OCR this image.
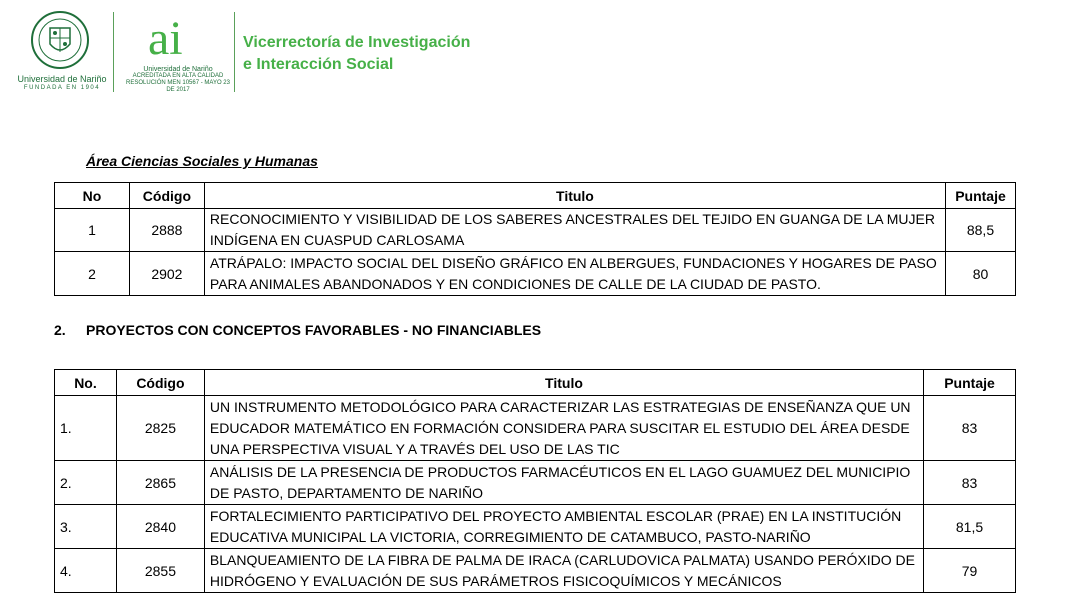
Universidad de Nariño
FUNDADA EN 1904
ai
Universidad de Nariño
ACREDITADA EN ALTA CALIDAD
RESOLUCIÓN MEN 10567 - MAYO 23 DE 2017
Vicerrectoría de Investigación
e Interacción Social
Área Ciencias Sociales y Humanas
No	Código	Titulo	Puntaje
1	2888	RECONOCIMIENTO Y VISIBILIDAD DE LOS SABERES ANCESTRALES DEL TEJIDO EN GUANGA DE LA MUJER INDÍGENA EN CUASPUD CARLOSAMA	88,5
2	2902	ATRÁPALO: IMPACTO SOCIAL DEL DISEÑO GRÁFICO EN ALBERGUES, FUNDACIONES Y HOGARES DE PASO PARA ANIMALES ABANDONADOS Y EN CONDICIONES DE CALLE DE LA CIUDAD DE PASTO.	80
2. PROYECTOS CON CONCEPTOS FAVORABLES - NO FINANCIABLES
No.	Código	Titulo	Puntaje
1.	2825	UN INSTRUMENTO METODOLÓGICO PARA CARACTERIZAR LAS ESTRATEGIAS DE ENSEÑANZA QUE UN EDUCADOR MATEMÁTICO EN FORMACIÓN CONSIDERA PARA SUSCITAR EL ESTUDIO DEL ÁREA DESDE UNA PERSPECTIVA VISUAL Y A TRAVÉS DEL USO DE LAS TIC	83
2.	2865	ANÁLISIS DE LA PRESENCIA DE PRODUCTOS FARMACÉUTICOS EN EL LAGO GUAMUEZ DEL MUNICIPIO DE PASTO, DEPARTAMENTO DE NARIÑO	83
3.	2840	FORTALECIMIENTO PARTICIPATIVO DEL PROYECTO AMBIENTAL ESCOLAR (PRAE) EN LA INSTITUCIÓN EDUCATIVA MUNICIPAL LA VICTORIA, CORREGIMIENTO DE CATAMBUCO, PASTO-NARIÑO	81,5
4.	2855	BLANQUEAMIENTO DE LA FIBRA DE PALMA DE IRACA (CARLUDOVICA PALMATA) USANDO PERÓXIDO DE HIDRÓGENO Y EVALUACIÓN DE SUS PARÁMETROS FISICOQUÍMICOS Y MECÁNICOS	79
